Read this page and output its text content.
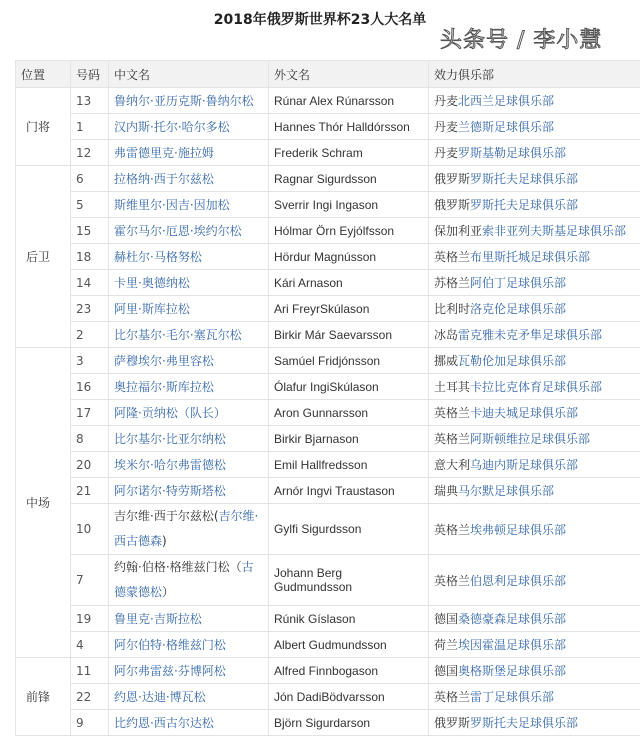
2018年俄罗斯世界杯23人大名单
头条号 / 李小慧
位置	号码	中文名	外文名	效力俱乐部
门将	13	鲁纳尔·亚历克斯·鲁纳尔松	Rúnar Alex Rúnarsson	丹麦北西兰足球俱乐部
	1	汉内斯·托尔·哈尔多松	Hannes Thór Halldórsson	丹麦兰德斯足球俱乐部
	12	弗雷德里克·施拉姆	Frederik Schram	丹麦罗斯基勒足球俱乐部
后卫	6	拉格纳·西于尔兹松	Ragnar Sigurdsson	俄罗斯罗斯托夫足球俱乐部
	5	斯维里尔·因吉·因加松	Sverrir Ingi Ingason	俄罗斯罗斯托夫足球俱乐部
	15	霍尔马尔·厄恩·埃约尔松	Hólmar Örn Eyjólfsson	保加利亚索非亚列夫斯基足球俱乐部
	18	赫杜尔·马格努松	Hördur Magnússon	英格兰布里斯托城足球俱乐部
	14	卡里·奥德纳松	Kári Arnason	苏格兰阿伯丁足球俱乐部
	23	阿里·斯库拉松	Ari FreyrSkúlason	比利时洛克伦足球俱乐部
	2	比尔基尔·毛尔·塞瓦尔松	Birkir Már Saevarsson	冰岛雷克雅未克矛隼足球俱乐部
中场	3	萨穆埃尔·弗里容松	Samúel Fridjónsson	挪威瓦勒伦加足球俱乐部
	16	奥拉福尔·斯库拉松	Ólafur IngiSkúlason	土耳其卡拉比克体育足球俱乐部
	17	阿隆·贡纳松（队长）	Aron Gunnarsson	英格兰卡迪夫城足球俱乐部
	8	比尔基尔·比亚尔纳松	Birkir Bjarnason	英格兰阿斯顿维拉足球俱乐部
	20	埃米尔·哈尔弗雷德松	Emil Hallfredsson	意大利乌迪内斯足球俱乐部
	21	阿尔诺尔·特劳斯塔松	Arnór Ingvi Traustason	瑞典马尔默足球俱乐部
	10	吉尔维·西于尔兹松(吉尔维·西古德森)	Gylfi Sigurdsson	英格兰埃弗顿足球俱乐部
	7	约翰·伯格·格维兹门松（古德蒙德松）	Johann Berg Gudmundsson	英格兰伯恩利足球俱乐部
	19	鲁里克·吉斯拉松	Rúnik Gíslason	德国桑德豪森足球俱乐部
	4	阿尔伯特·格维兹门松	Albert Gudmundsson	荷兰埃因霍温足球俱乐部
前锋	11	阿尔弗雷兹·芬博阿松	Alfred Finnbogason	德国奥格斯堡足球俱乐部
	22	约恩·达迪·博瓦松	Jón DadiBödvarsson	英格兰雷丁足球俱乐部
	9	比约恩·西古尔达松	Björn Sigurdarson	俄罗斯罗斯托夫足球俱乐部
